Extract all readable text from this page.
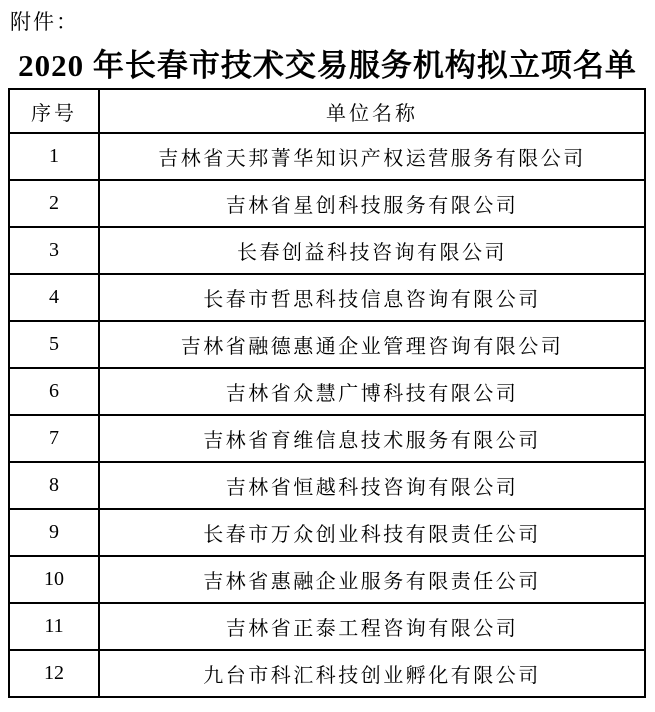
附件：
2020 年长春市技术交易服务机构拟立项名单
序号	单位名称
1	吉林省天邦菁华知识产权运营服务有限公司
2	吉林省星创科技服务有限公司
3	长春创益科技咨询有限公司
4	长春市哲思科技信息咨询有限公司
5	吉林省融德惠通企业管理咨询有限公司
6	吉林省众慧广博科技有限公司
7	吉林省育维信息技术服务有限公司
8	吉林省恒越科技咨询有限公司
9	长春市万众创业科技有限责任公司
10	吉林省惠融企业服务有限责任公司
11	吉林省正泰工程咨询有限公司
12	九台市科汇科技创业孵化有限公司
